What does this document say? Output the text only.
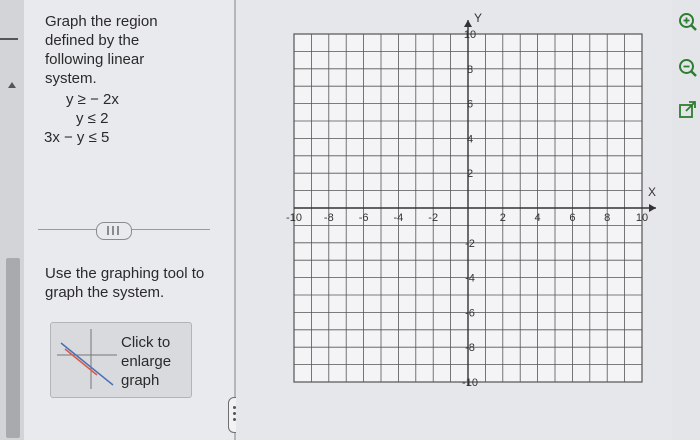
Graph the region defined by the following linear system.
y ≥ − 2x
y ≤ 2
3x − y ≤ 5
Use the graphing tool to graph the system.
Click to enlarge graph
X
Y
-10 -8 -6 -4 -2	2	4	6	8 10
10
8
6
4
2
-2
-4
-6
-8
-10
